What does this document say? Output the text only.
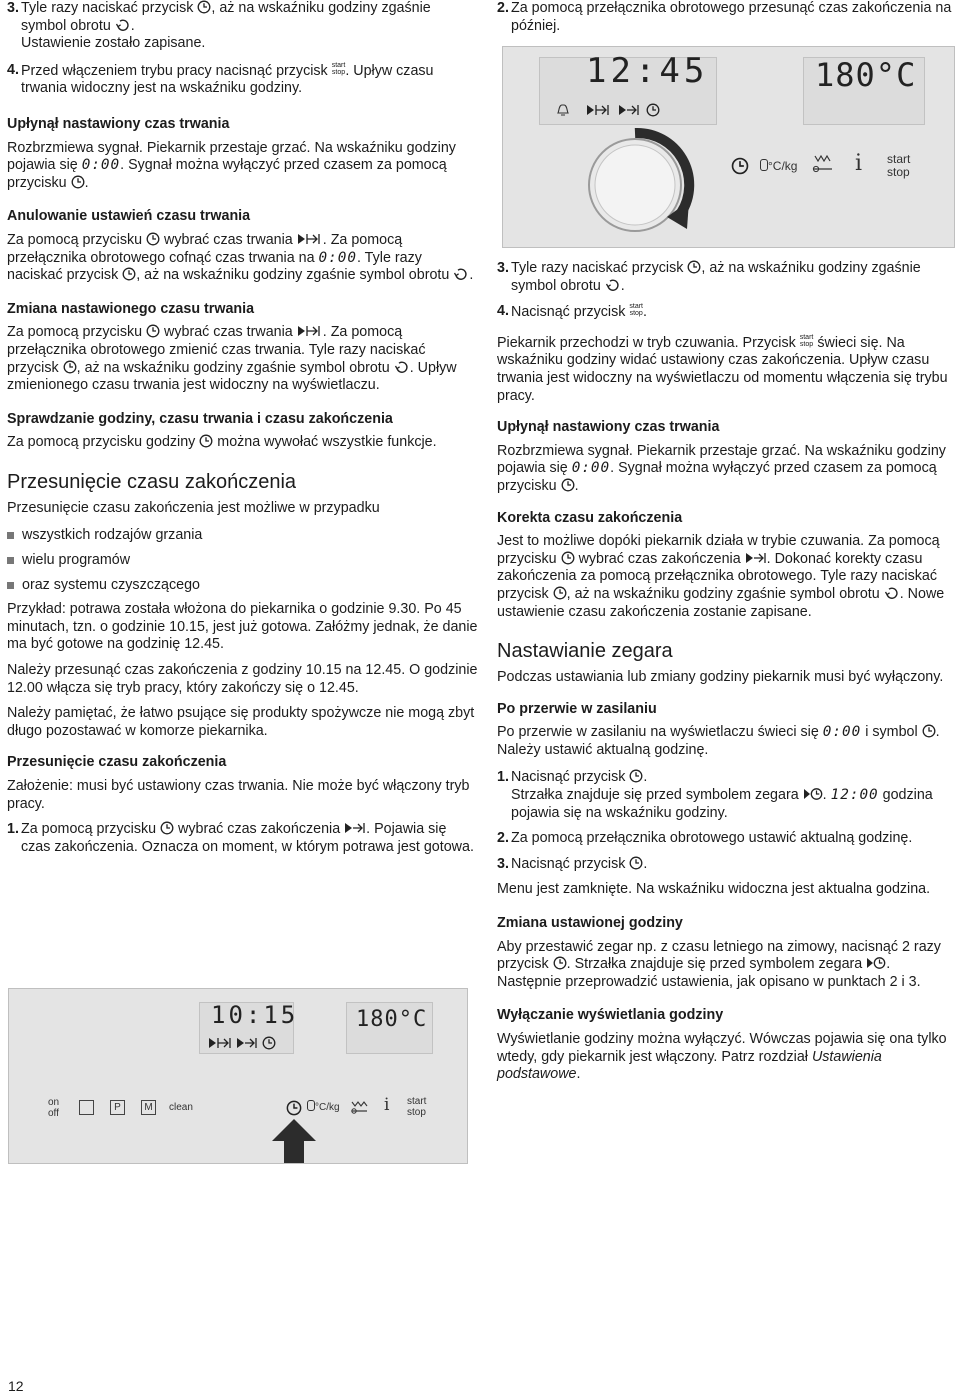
3. Tyle razy naciskać przycisk , aż na wskaźniku godziny zgaśnie symbol obrotu .
Ustawienie zostało zapisane.
4. Przed włączeniem trybu pracy nacisnąć przycisk start
stop. Upływ czasu trwania widoczny jest na wskaźniku godziny.
Upłynął nastawiony czas trwania

Rozbrzmiewa sygnał. Piekarnik przestaje grzać. Na wskaźniku godziny pojawia się 0:00. Sygnał można wyłączyć przed czasem za pomocą przycisku .

Anulowanie ustawień czasu trwania

Za pomocą przycisku wybrać czas trwania . Za pomocą przełącznika obrotowego cofnąć czas trwania na 0:00. Tyle razy naciskać przycisk , aż na wskaźniku godziny zgaśnie symbol obrotu .

Zmiana nastawionego czasu trwania

Za pomocą przycisku wybrać czas trwania . Za pomocą przełącznika obrotowego zmienić czas trwania. Tyle razy naciskać przycisk , aż na wskaźniku godziny zgaśnie symbol obrotu . Upływ zmienionego czasu trwania jest widoczny na wyświetlaczu.

Sprawdzanie godziny, czasu trwania i czasu zakończenia

Za pomocą przycisku godziny można wywołać wszystkie funkcje.

Przesunięcie czasu zakończenia

Przesunięcie czasu zakończenia jest możliwe w przypadku

wszystkich rodzajów grzania
wielu programów
oraz systemu czyszczącego

Przykład: potrawa została włożona do piekarnika o godzinie 9.30. Po 45 minutach, tzn. o godzinie 10.15, jest już gotowa. Załóżmy jednak, że danie ma być gotowe na godzinię 12.45.

Należy przesunąć czas zakończenia z godziny 10.15 na 12.45. O godzinie 12.00 włącza się tryb pracy, który zakończy się o 12.45.

Należy pamiętać, że łatwo psujące się produkty spożywcze nie mogą zbyt długo pozostawać w komorze piekarnika.

Przesunięcie czasu zakończenia

Założenie: musi być ustawiony czas trwania. Nie może być włączony tryb pracy.

1. Za pomocą przycisku wybrać czas zakończenia . Pojawia się czas zakończenia. Oznacza on moment, w którym potrawa jest gotowa.
10:15	180°C
on
off
P	M	clean	°C/kg	i start
stop
2. Za pomocą przełącznika obrotowego przesunąć czas zakończenia na później.
12:45	180°C
°C/kg	i start
stop
3. Tyle razy naciskać przycisk , aż na wskaźniku godziny zgaśnie symbol obrotu .
4. Nacisnąć przycisk start
stop.

Piekarnik przechodzi w tryb czuwania. Przycisk start
stop świeci się. Na wskaźniku godziny widać ustawiony czas zakończenia. Upływ czasu trwania jest widoczny na wyświetlaczu od momentu włączenia się trybu pracy.

Upłynął nastawiony czas trwania

Rozbrzmiewa sygnał. Piekarnik przestaje grzać. Na wskaźniku godziny pojawia się 0:00. Sygnał można wyłączyć przed czasem za pomocą przycisku .

Korekta czasu zakończenia

Jest to możliwe dopóki piekarnik działa w trybie czuwania. Za pomocą przycisku wybrać czas zakończenia . Dokonać korekty czasu zakończenia za pomocą przełącznika obrotowego. Tyle razy naciskać przycisk , aż na wskaźniku godziny zgaśnie symbol obrotu . Nowe ustawienie czasu zakończenia zostanie zapisane.

Nastawianie zegara

Podczas ustawiania lub zmiany godziny piekarnik musi być wyłączony.

Po przerwie w zasilaniu

Po przerwie w zasilaniu na wyświetlaczu świeci się 0:00 i symbol . Należy ustawić aktualną godzinę.

1. Nacisnąć przycisk .
Strzałka znajduje się przed symbolem zegara . 12:00 godzina pojawia się na wskaźniku godziny.
2. Za pomocą przełącznika obrotowego ustawić aktualną godzinę.
3. Nacisnąć przycisk .

Menu jest zamknięte. Na wskaźniku widoczna jest aktualna godzina.

Zmiana ustawionej godziny

Aby przestawić zegar np. z czasu letniego na zimowy, nacisnąć 2 razy przycisk . Strzałka znajduje się przed symbolem zegara . Następnie przeprowadzić ustawienia, jak opisano w punktach 2 i 3.

Wyłączanie wyświetlania godziny

Wyświetlanie godziny można wyłączyć. Wówczas pojawia się ona tylko wtedy, gdy piekarnik jest włączony. Patrz rozdział Ustawienia podstawowe.

12
